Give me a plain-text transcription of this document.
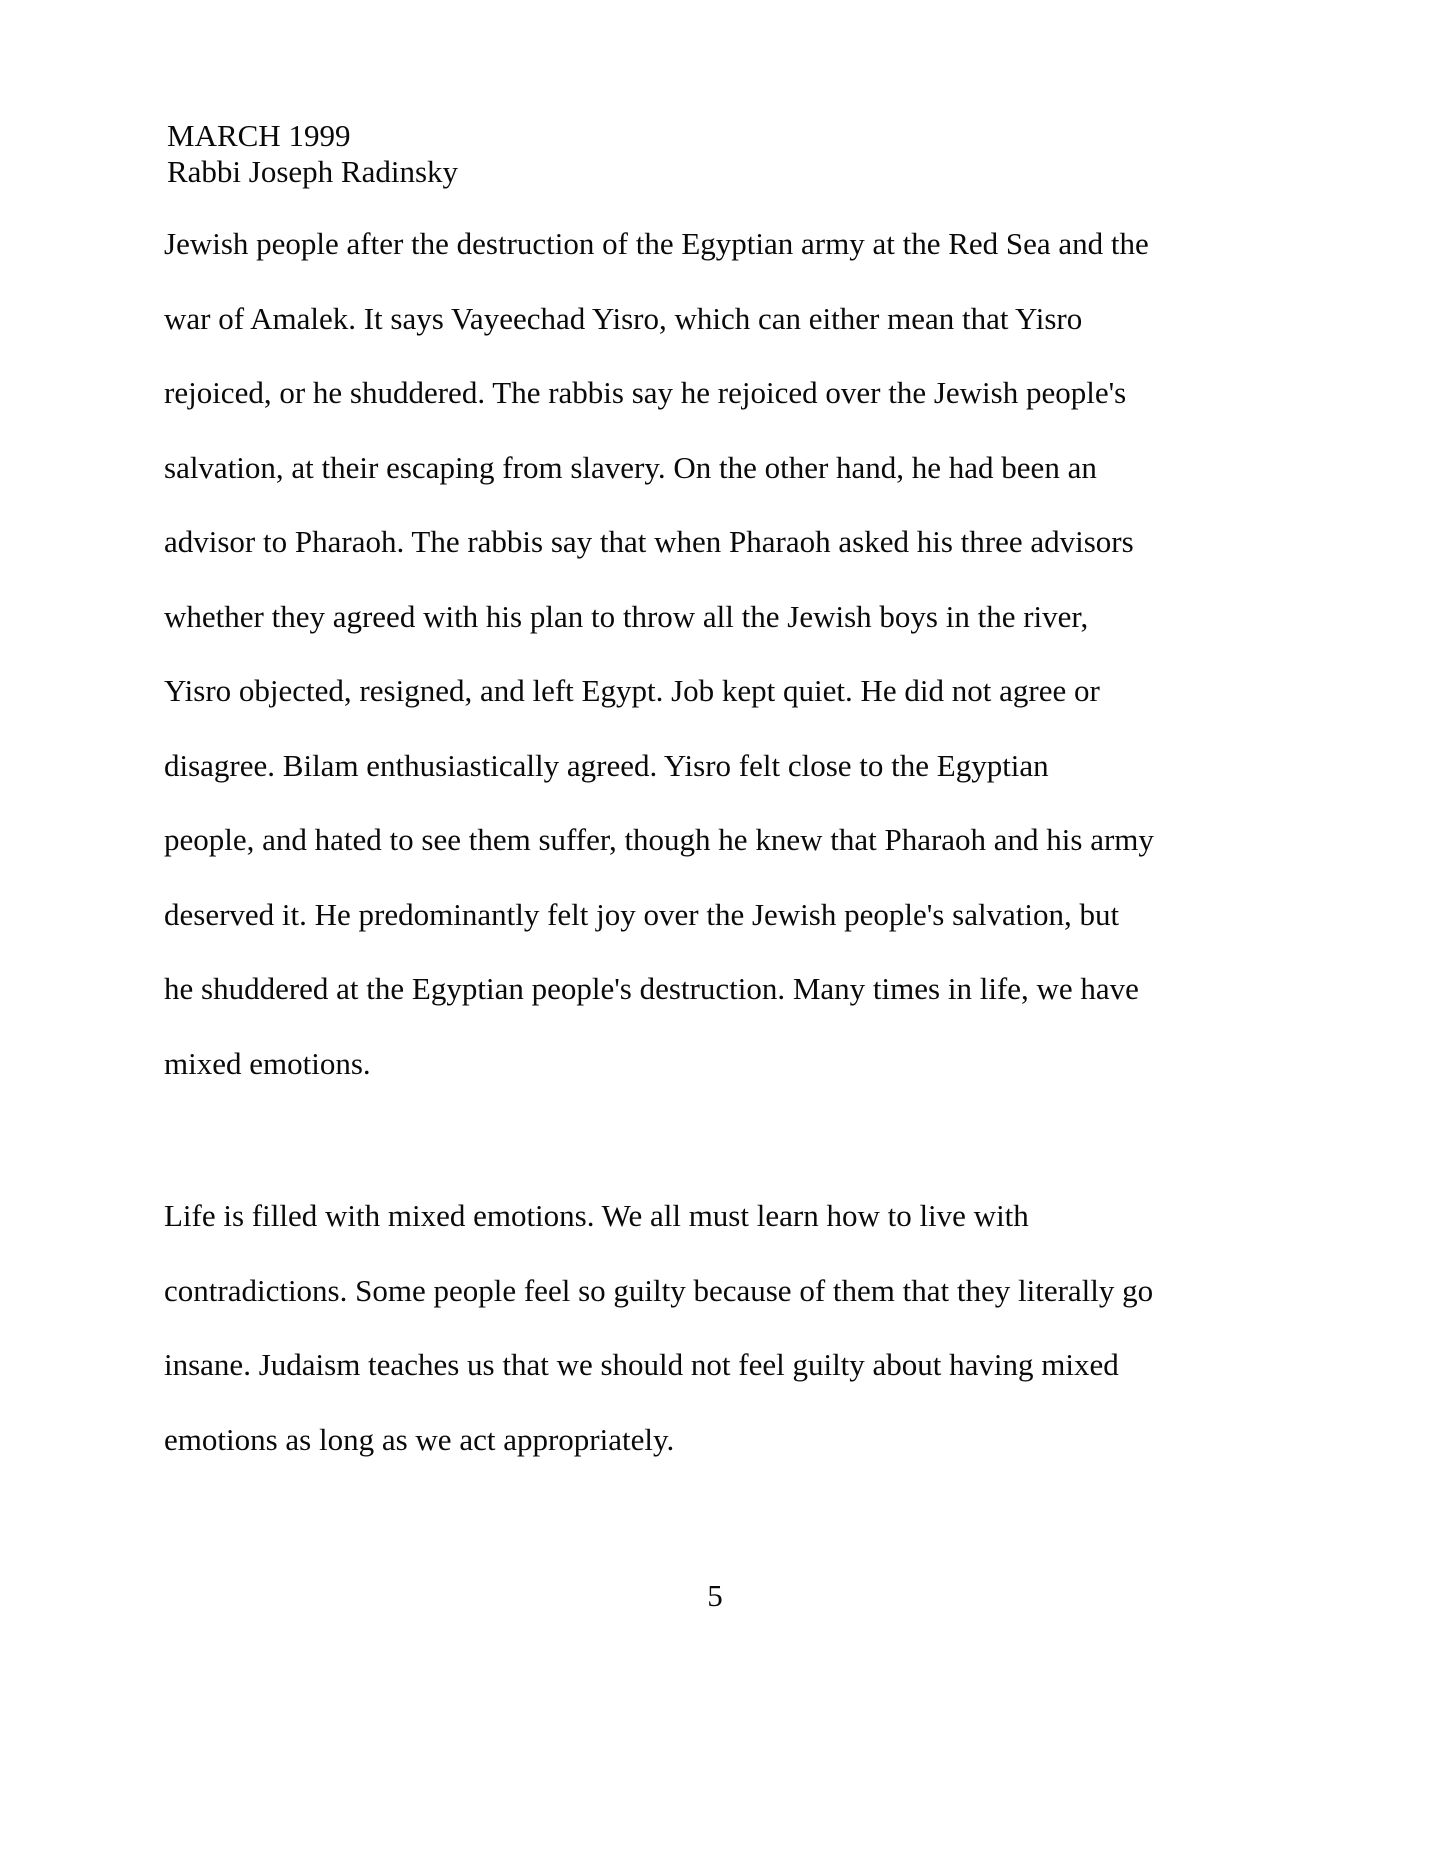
MARCH 1999
Rabbi Joseph Radinsky

Jewish people after the destruction of the Egyptian army at the Red Sea and the
war of Amalek. It says Vayeechad Yisro, which can either mean that Yisro
rejoiced, or he shuddered. The rabbis say he rejoiced over the Jewish people's
salvation, at their escaping from slavery. On the other hand, he had been an
advisor to Pharaoh. The rabbis say that when Pharaoh asked his three advisors
whether they agreed with his plan to throw all the Jewish boys in the river,
Yisro objected, resigned, and left Egypt. Job kept quiet. He did not agree or
disagree. Bilam enthusiastically agreed. Yisro felt close to the Egyptian
people, and hated to see them suffer, though he knew that Pharaoh and his army
deserved it. He predominantly felt joy over the Jewish people's salvation, but
he shuddered at the Egyptian people's destruction. Many times in life, we have
mixed emotions.

Life is filled with mixed emotions. We all must learn how to live with
contradictions. Some people feel so guilty because of them that they literally go
insane. Judaism teaches us that we should not feel guilty about having mixed
emotions as long as we act appropriately.

5
